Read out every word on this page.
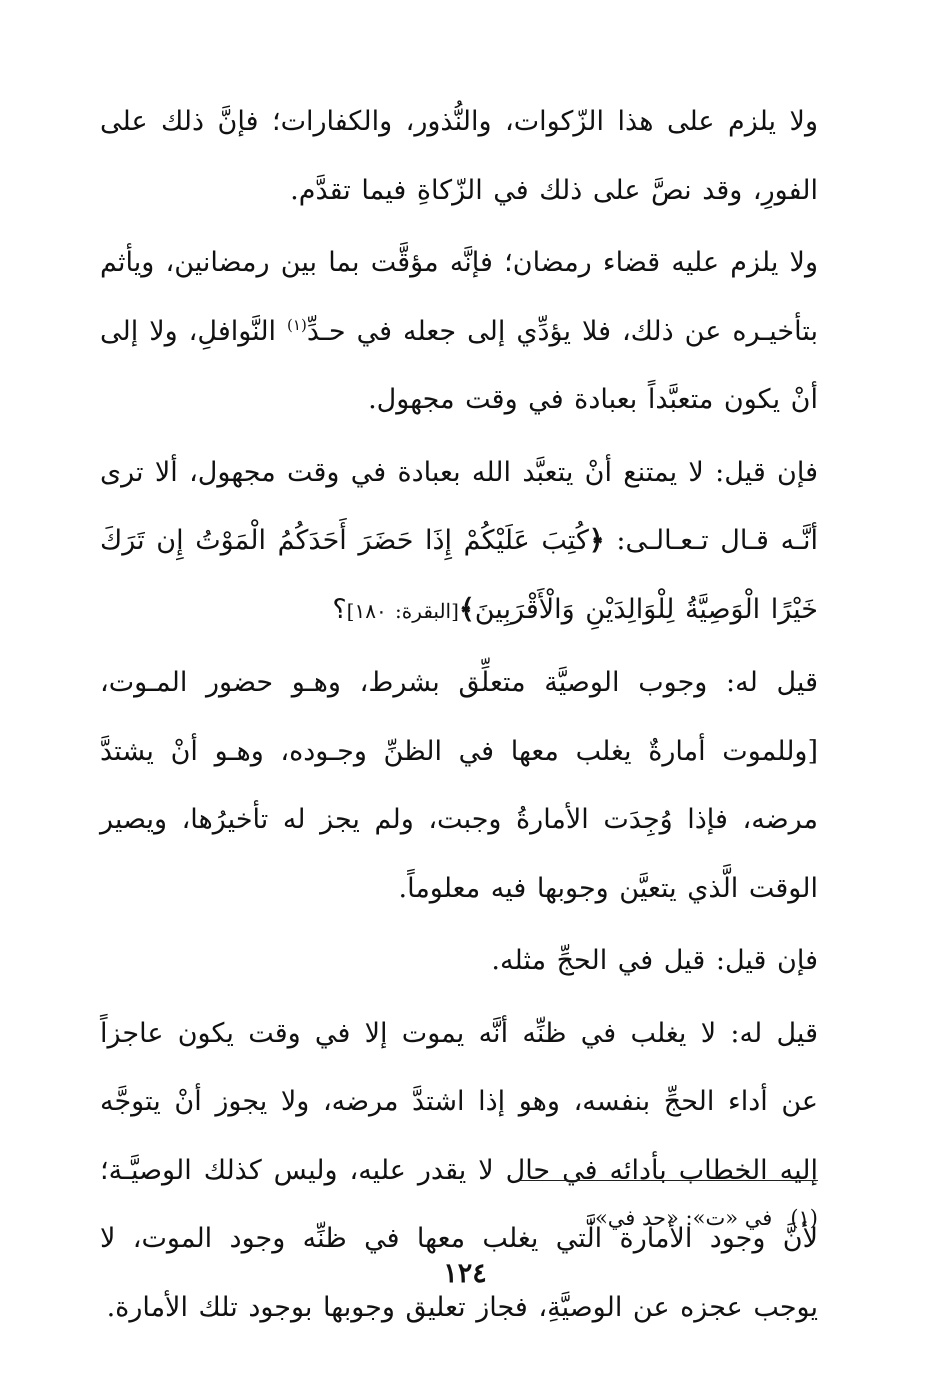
ولا يلزم على هذا الزّكوات، والنُّذور، والكفارات؛ فإنَّ ذلك على الفورِ، وقد نصَّ على ذلك في الزّكاةِ فيما تقدَّم.

ولا يلزم عليه قضاء رمضان؛ فإنَّه مؤقَّت بما بين رمضانين، ويأثم بتأخيـره عن ذلك، فلا يؤدِّي إلى جعله في حـدِّ$^{(١)}$ النَّوافلِ، ولا إلى أنْ يكون متعبَّداً بعبادة في وقت مجهول.

فإن قيل: لا يمتنع أنْ يتعبَّد الله بعبادة في وقت مجهول، ألا ترى أنَّـه قـال تـعـالـى: ﴿كُتِبَ عَلَيْكُمْ إِذَا حَضَرَ أَحَدَكُمُ الْمَوْتُ إِن تَرَكَ خَيْرًا الْوَصِيَّةُ لِلْوَالِدَيْنِ وَالْأَقْرَبِينَ﴾[البقرة: ١٨٠]؟

قيل له: وجوب الوصيَّة متعلِّق بشرط، وهـو حضور المـوت، [وللموت أمارةٌ يغلب معها في الظنِّ وجـوده، وهـو أنْ يشتدَّ مرضه، فإذا وُجِدَت الأمارةُ وجبت، ولم يجز له تأخيرُها، ويصير الوقت الَّذي يتعيَّن وجوبها فيه معلوماً.

فإن قيل: قيل في الحجِّ مثله.

قيل له: لا يغلب في ظنِّه أنَّه يموت إلا في وقت يكون عاجزاً عن أداء الحجِّ بنفسه، وهو إذا اشتدَّ مرضه، ولا يجوز أنْ يتوجَّه إليه الخطاب بأدائه في حال لا يقدر عليه، وليس كذلك الوصيَّـة؛ لأنَّ وجود الأمارة الَّتي يغلب معها في ظنِّه وجود الموت، لا يوجب عجزه عن الوصيَّةِ، فجاز تعليق وجوبها بوجود تلك الأمارة.

(١)في «ت»: «حد في».
١٢٤
